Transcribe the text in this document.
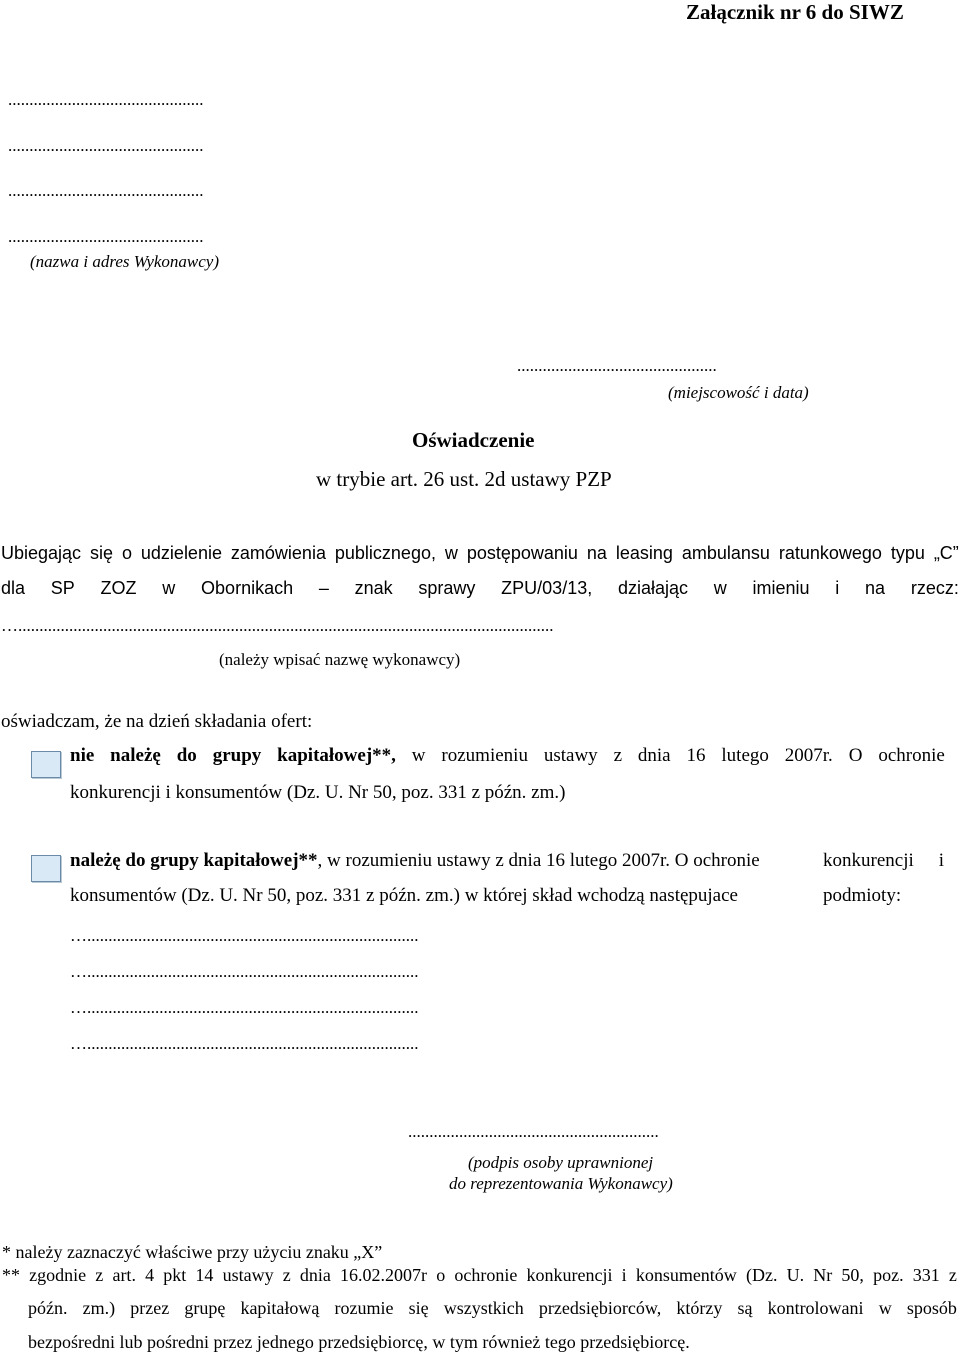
Załącznik nr 6 do SIWZ
..............................................
..............................................
..............................................
..............................................
(nazwa i adres Wykonawcy)
...............................................
(miejscowość i data)
Oświadczenie
w trybie art. 26 ust. 2d ustawy PZP
Ubiegając się o udzielenie zamówienia publicznego, w postępowaniu na leasing ambulansu ratunkowego typu „C”
dla SP ZOZ w Obornikach – znak sprawy ZPU/03/13, działając w imieniu i na rzecz:
…..............................................................................................................................
(należy wpisać nazwę wykonawcy)
oświadczam, że na dzień składania ofert:
nie należę do grupy kapitałowej**, w rozumieniu ustawy z dnia 16 lutego 2007r. O ochronie
konkurencji i konsumentów (Dz. U. Nr 50, poz. 331 z późn. zm.)
należę do grupy kapitałowej**, w rozumieniu ustawy z dnia 16 lutego 2007r. O ochronie	konkurencji i
konsumentów (Dz. U. Nr 50, poz. 331 z późn. zm.) w której skład wchodzą następujace	podmioty:
…..............................................................................
…..............................................................................
…..............................................................................
…..............................................................................
...........................................................
(podpis osoby uprawnionej
do reprezentowania Wykonawcy)
* należy zaznaczyć właściwe przy użyciu znaku „X”
** zgodnie z art. 4 pkt 14 ustawy z dnia 16.02.2007r o ochronie konkurencji i konsumentów (Dz. U. Nr 50, poz. 331 z
późn. zm.) przez grupę kapitałową rozumie się wszystkich przedsiębiorców, którzy są kontrolowani w sposób
bezpośredni lub pośredni przez jednego przedsiębiorcę, w tym również tego przedsiębiorcę.
